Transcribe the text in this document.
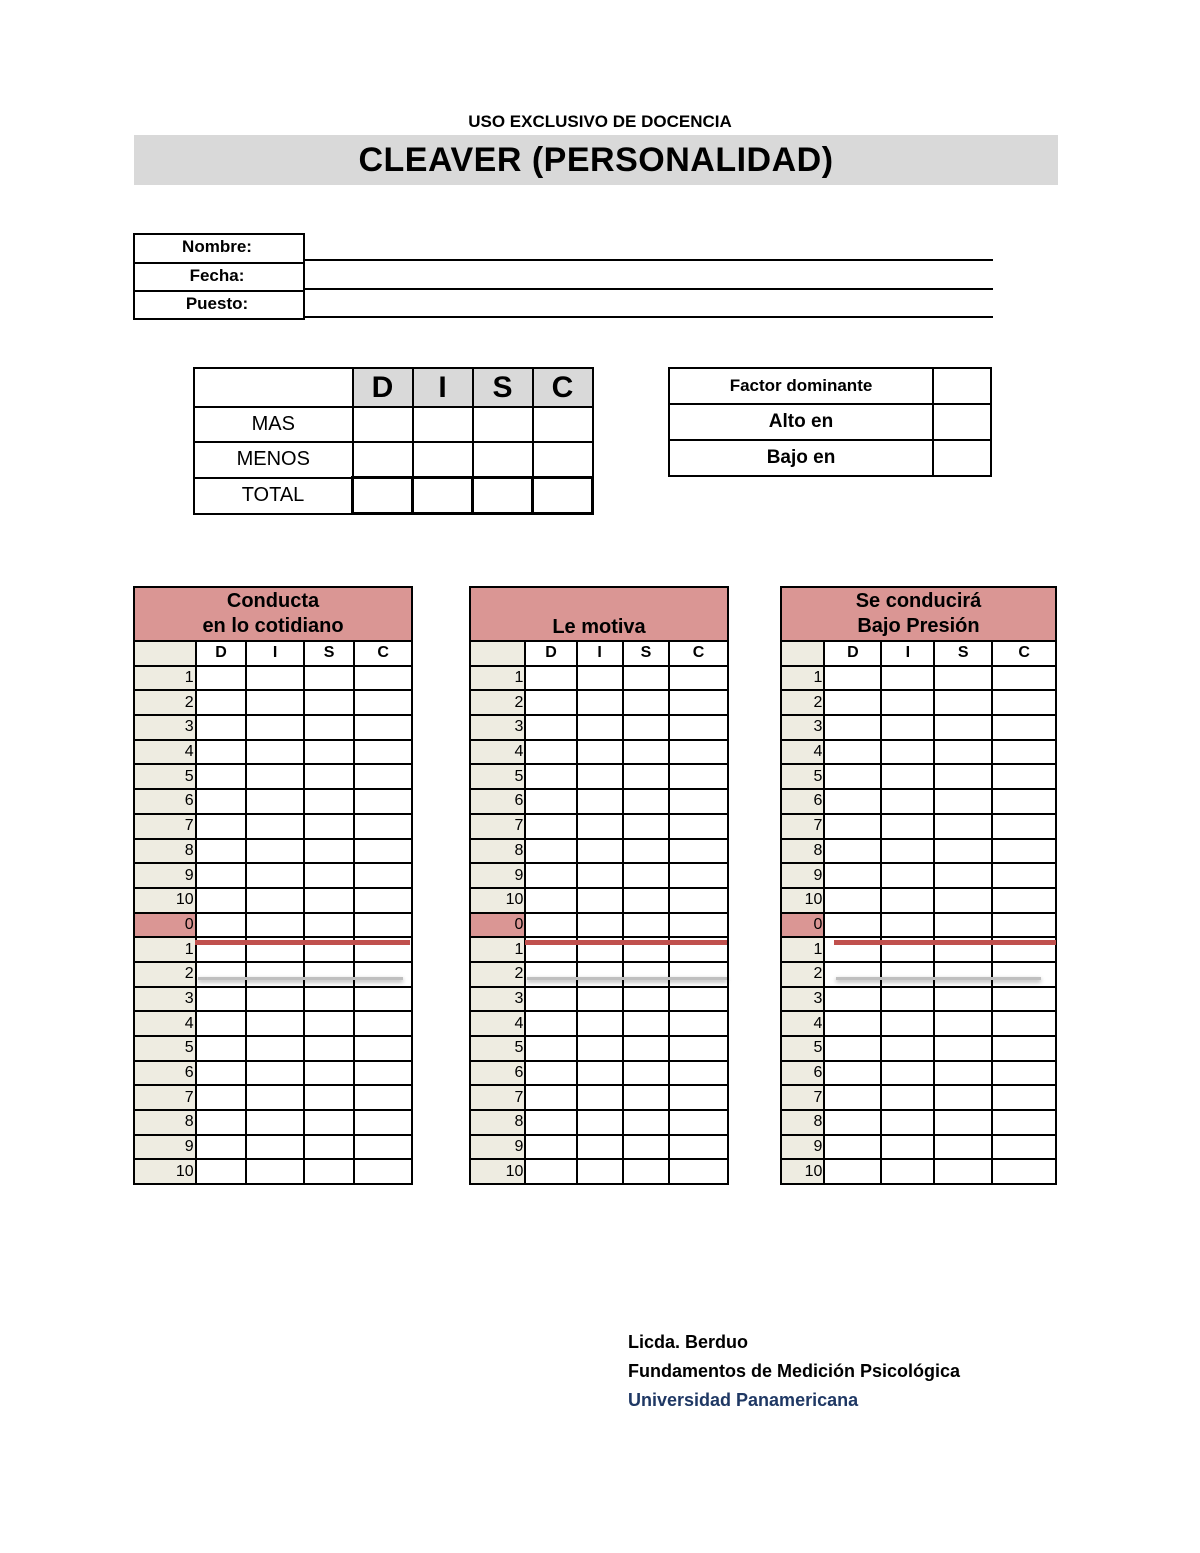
USO EXCLUSIVO DE DOCENCIA
CLEAVER (PERSONALIDAD)
Nombre:
Fecha:
Puesto:
	D	I	S	C
MAS				
MENOS				
TOTAL				
Factor dominante	
Alto en	
Bajo en	
Conducta
en lo cotidiano
	D	I	S	C
1				
2				
3				
4				
5				
6				
7				
8				
9				
10				
0				
1				
2				
3				
4				
5				
6				
7				
8				
9				
10				
Le motiva
	D	I	S	C
1				
2				
3				
4				
5				
6				
7				
8				
9				
10				
0				
1				
2				
3				
4				
5				
6				
7				
8				
9				
10				
Se conducirá
Bajo Presión
	D	I	S	C
1				
2				
3				
4				
5				
6				
7				
8				
9				
10				
0				
1				
2				
3				
4				
5				
6				
7				
8				
9				
10				
Licda. Berduo
Fundamentos de Medición Psicológica
Universidad Panamericana
